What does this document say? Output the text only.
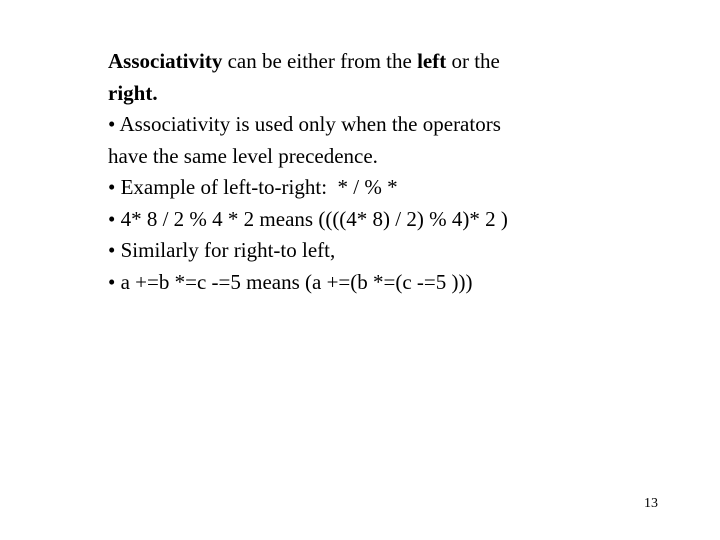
Associativity can be either from the left or the
right.
• Associativity is used only when the operators
have the same level precedence.
• Example of left-to-right:  * / % *
• 4* 8 / 2 % 4 * 2 means ((((4* 8) / 2) % 4)* 2 )
• Similarly for right-to left,
• a +=b *=c -=5 means (a +=(b *=(c -=5 )))
13
